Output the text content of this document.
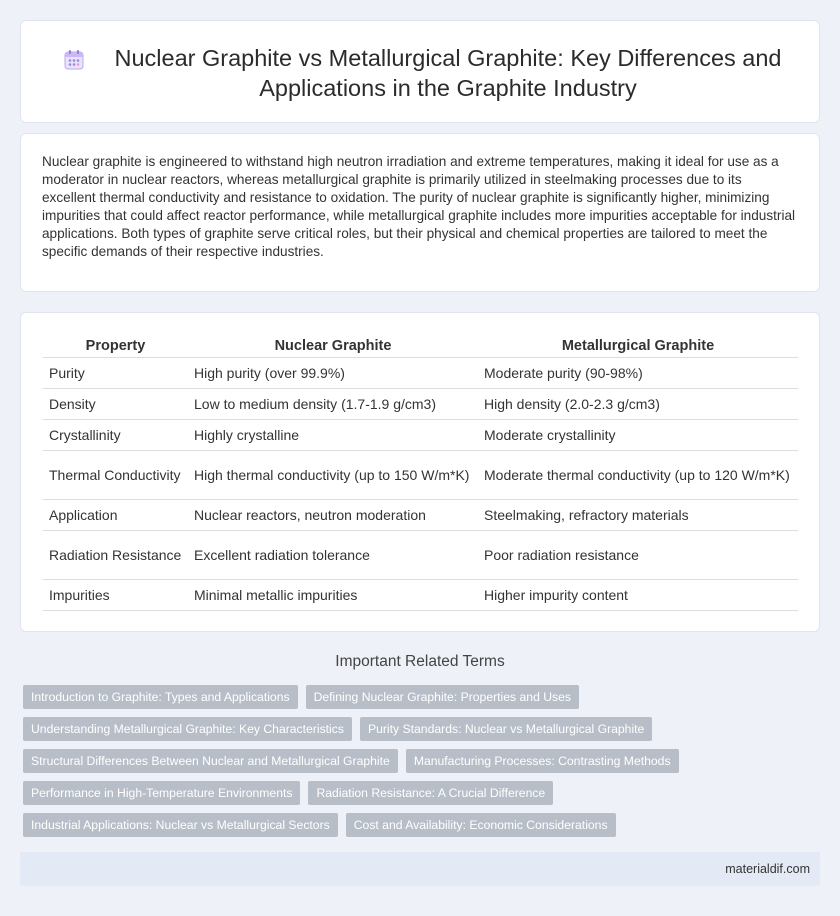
Nuclear Graphite vs Metallurgical Graphite: Key Differences and Applications in the Graphite Industry

Nuclear graphite is engineered to withstand high neutron irradiation and extreme temperatures, making it ideal for use as a moderator in nuclear reactors, whereas metallurgical graphite is primarily utilized in steelmaking processes due to its excellent thermal conductivity and resistance to oxidation. The purity of nuclear graphite is significantly higher, minimizing impurities that could affect reactor performance, while metallurgical graphite includes more impurities acceptable for industrial applications. Both types of graphite serve critical roles, but their physical and chemical properties are tailored to meet the specific demands of their respective industries.

Property	Nuclear Graphite	Metallurgical Graphite
Purity	High purity (over 99.9%)	Moderate purity (90-98%)
Density	Low to medium density (1.7-1.9 g/cm3)	High density (2.0-2.3 g/cm3)
Crystallinity	Highly crystalline	Moderate crystallinity
Thermal Conductivity	High thermal conductivity (up to 150 W/m*K)	Moderate thermal conductivity (up to 120 W/m*K)
Application	Nuclear reactors, neutron moderation	Steelmaking, refractory materials
Radiation Resistance	Excellent radiation tolerance	Poor radiation resistance
Impurities	Minimal metallic impurities	Higher impurity content
Important Related Terms
Introduction to Graphite: Types and Applications	Defining Nuclear Graphite: Properties and Uses
Understanding Metallurgical Graphite: Key Characteristics	Purity Standards: Nuclear vs Metallurgical Graphite
Structural Differences Between Nuclear and Metallurgical Graphite	Manufacturing Processes: Contrasting Methods
Performance in High-Temperature Environments	Radiation Resistance: A Crucial Difference
Industrial Applications: Nuclear vs Metallurgical Sectors	Cost and Availability: Economic Considerations
materialdif.com
